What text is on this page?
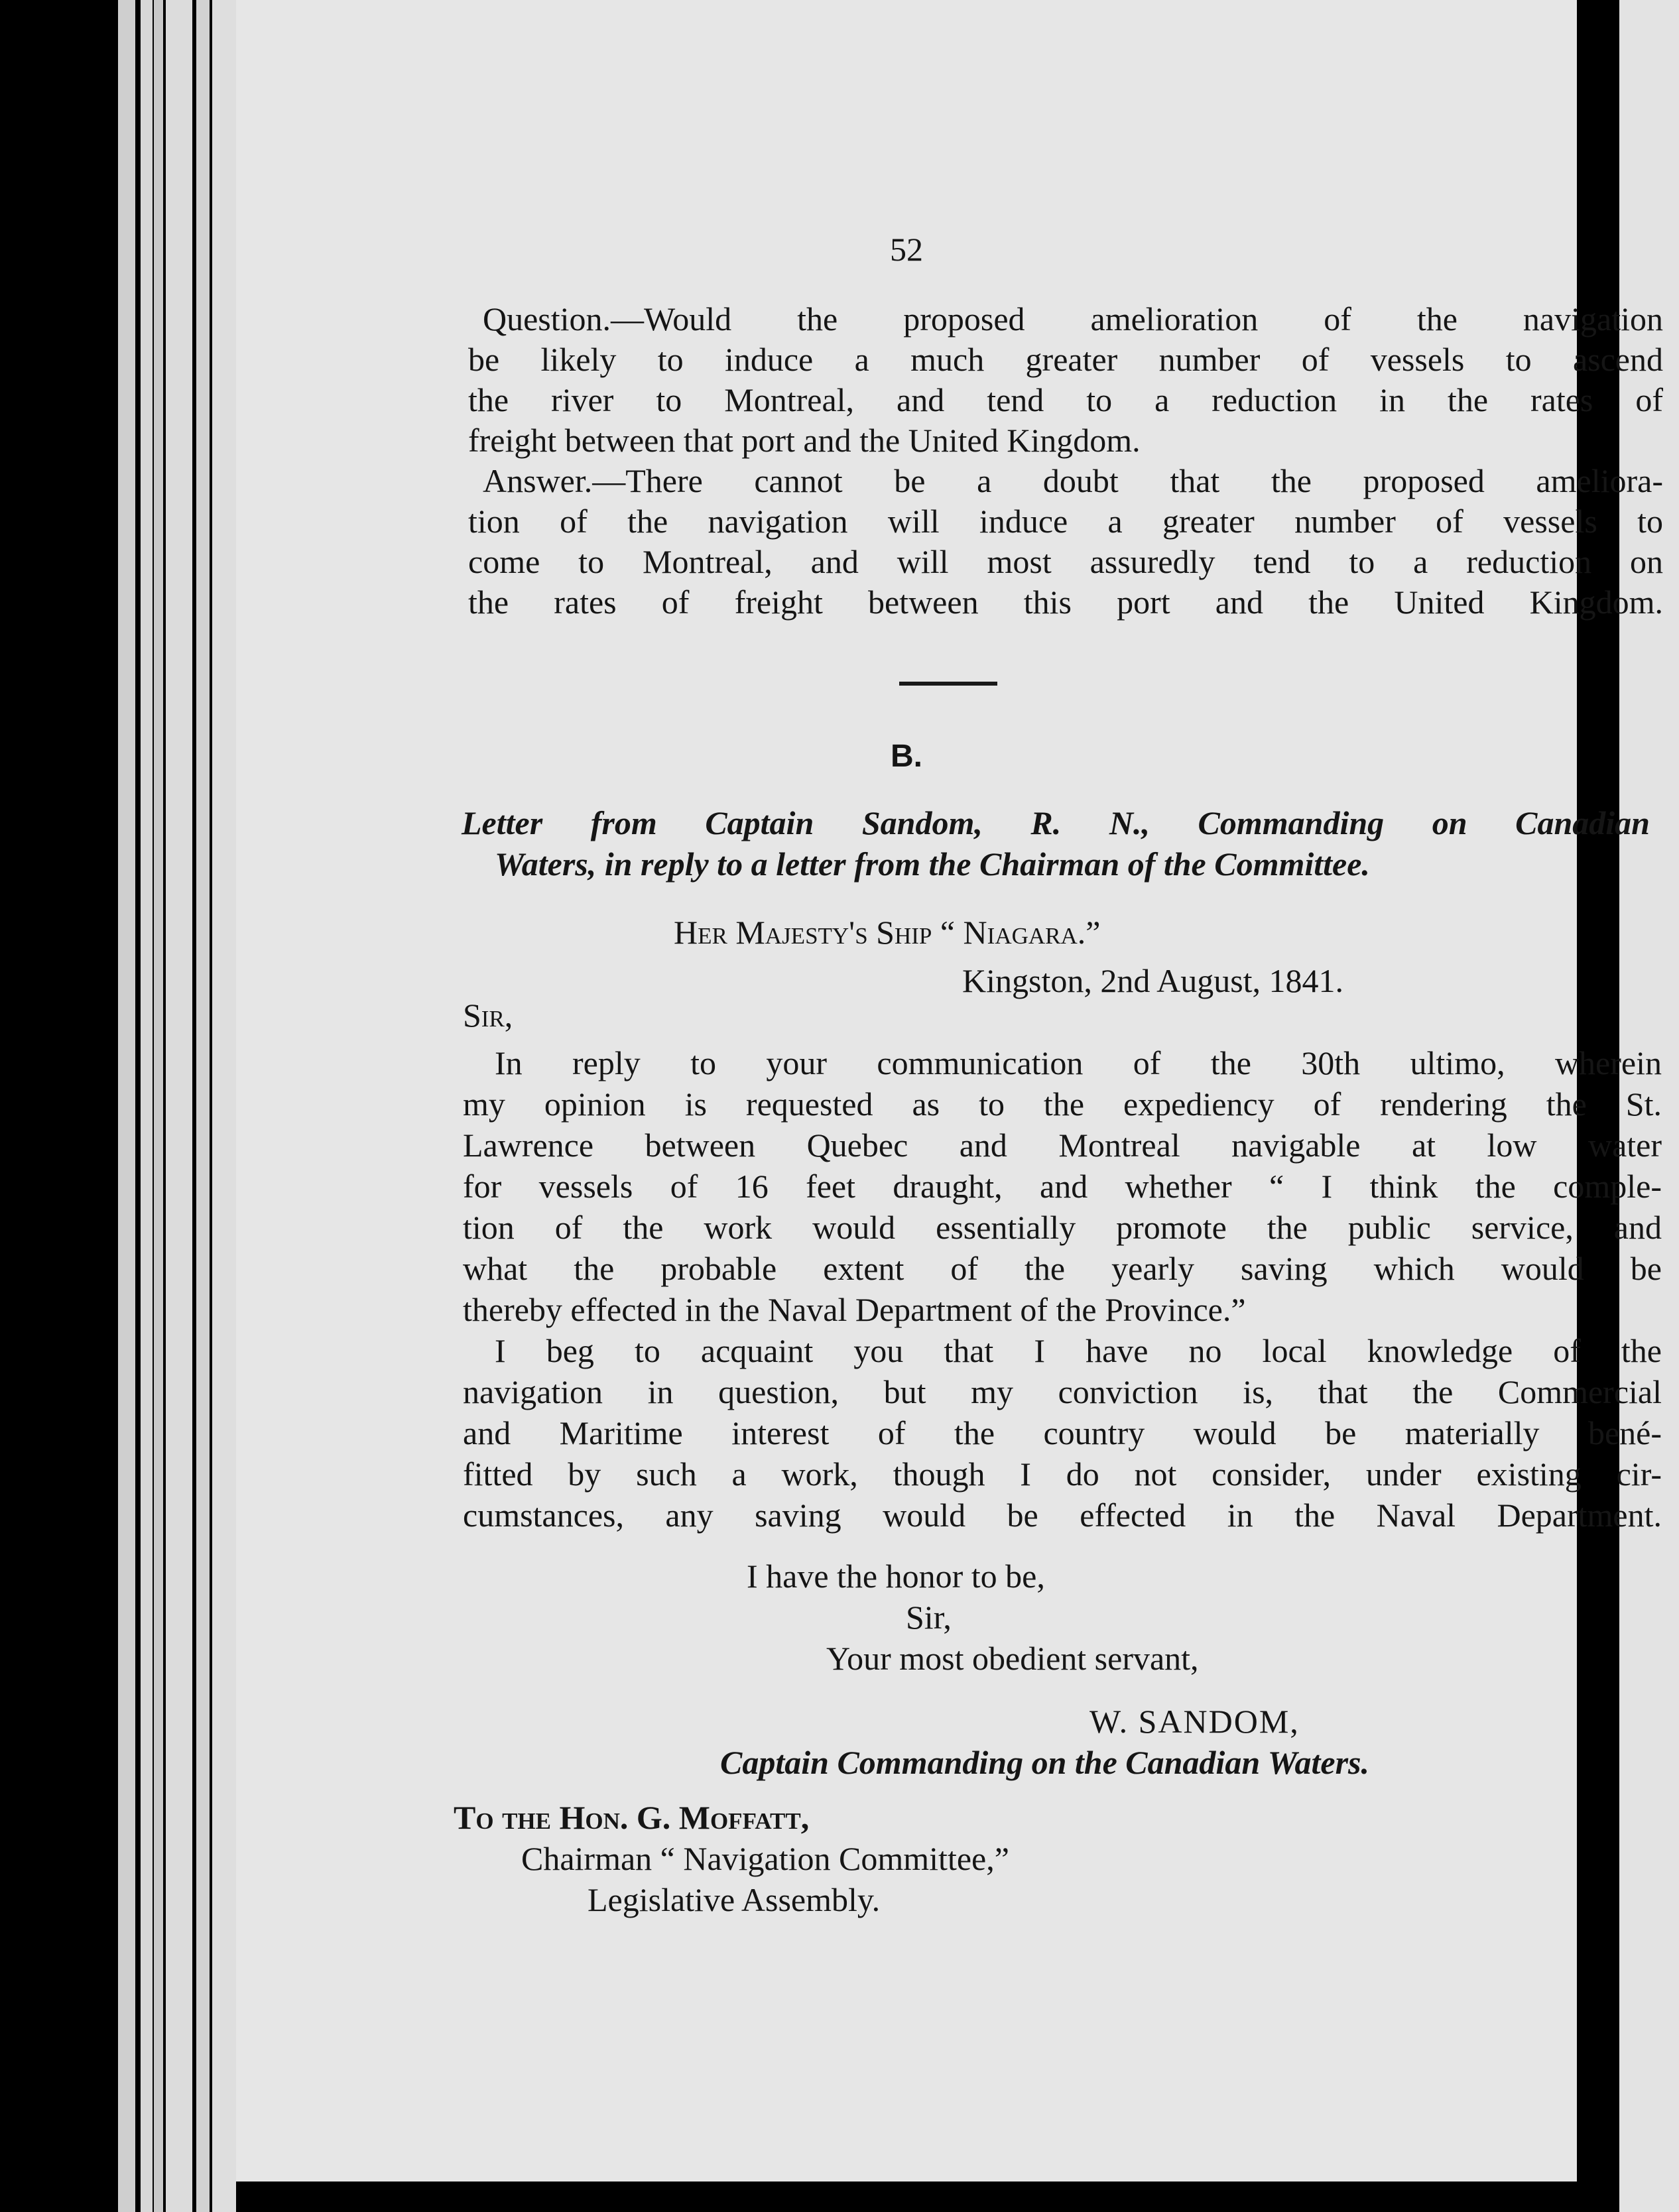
52
Question.—Would the proposed amelioration of the navigation
be likely to induce a much greater number of vessels to ascend
the river to Montreal, and tend to a reduction in the rates of
freight between that port and the United Kingdom.
Answer.—There cannot be a doubt that the proposed ameliora-
tion of the navigation will induce a greater number of vessels to
come to Montreal, and will most assuredly tend to a reduction on
the rates of freight between this port and the United Kingdom.
B.
Letter from Captain Sandom, R. N., Commanding on Canadian
Waters, in reply to a letter from the Chairman of the Committee.
Her Majesty's Ship “ Niagara.”
Kingston, 2nd August, 1841.
Sir,
In reply to your communication of the 30th ultimo, wherein
my opinion is requested as to the expediency of rendering the St.
Lawrence between Quebec and Montreal navigable at low water
for vessels of 16 feet draught, and whether “ I think the comple-
tion of the work would essentially promote the public service, and
what the probable extent of the yearly saving which would be
thereby effected in the Naval Department of the Province.”
I beg to acquaint you that I have no local knowledge of the
navigation in question, but my conviction is, that the Commercial
and Maritime interest of the country would be materially bené-
fitted by such a work, though I do not consider, under existing cir-
cumstances, any saving would be effected in the Naval Department.
I have the honor to be,
Sir,
Your most obedient servant,
W. SANDOM,
Captain Commanding on the Canadian Waters.
To the Hon. G. Moffatt,
Chairman “ Navigation Committee,”
Legislative Assembly.
